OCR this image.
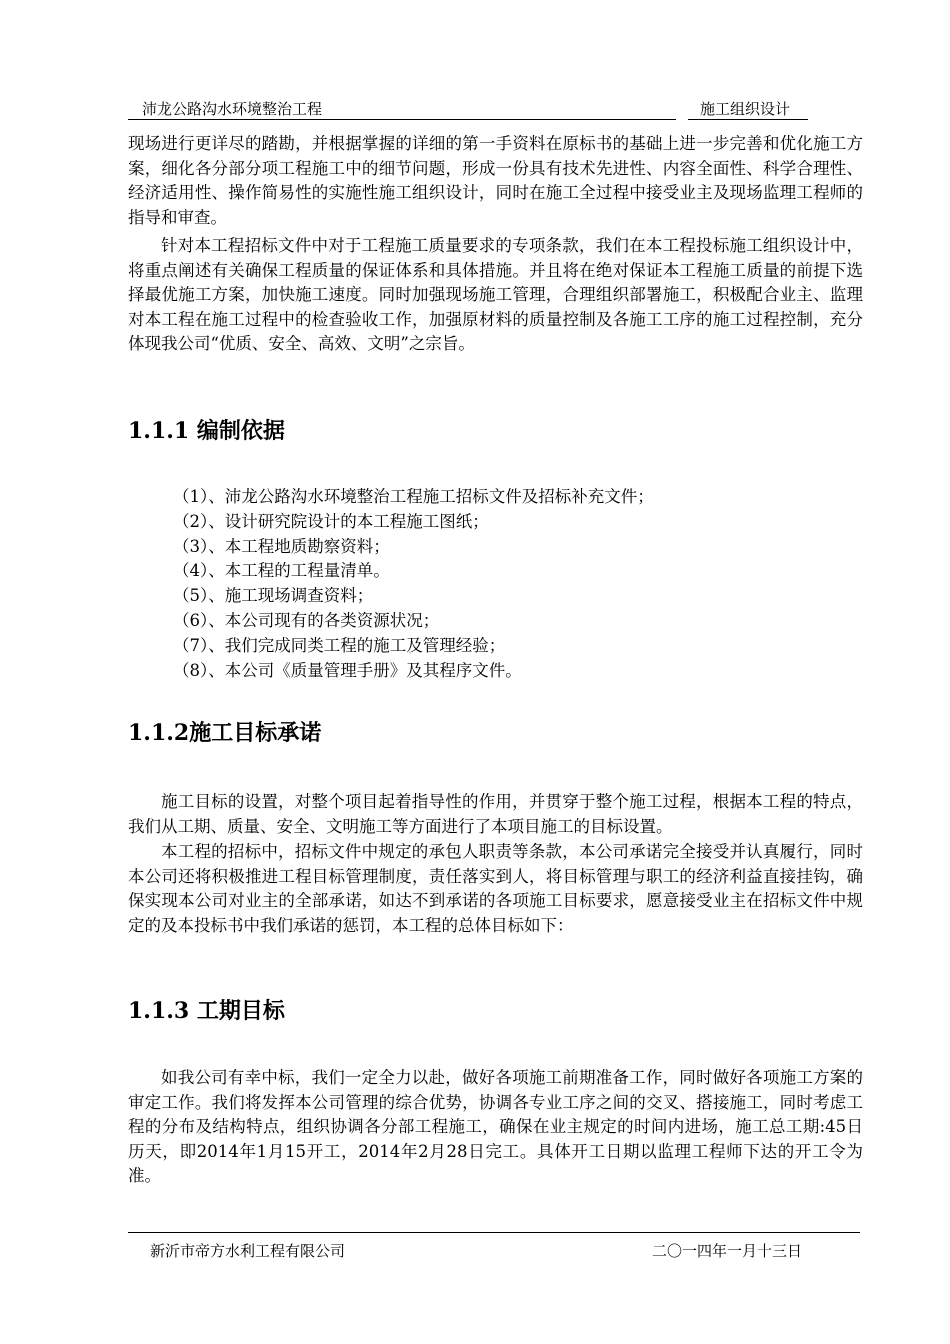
沛龙公路沟水环境整治工程	施工组织设计

现场进行更详尽的踏勘，并根据掌握的详细的第一手资料在原标书的基础上进一步完善和优化施工方案，细化各分部分项工程施工中的细节问题，形成一份具有技术先进性、内容全面性、科学合理性、经济适用性、操作简易性的实施性施工组织设计，同时在施工全过程中接受业主及现场监理工程师的指导和审查。

针对本工程招标文件中对于工程施工质量要求的专项条款，我们在本工程投标施工组织设计中，将重点阐述有关确保工程质量的保证体系和具体措施。并且将在绝对保证本工程施工质量的前提下选择最优施工方案，加快施工速度。同时加强现场施工管理，合理组织部署施工，积极配合业主、监理对本工程在施工过程中的检查验收工作，加强原材料的质量控制及各施工工序的施工过程控制，充分体现我公司“优质、安全、高效、文明”之宗旨。

1.1.1 编制依据
（1）、沛龙公路沟水环境整治工程施工招标文件及招标补充文件；
（2）、设计研究院设计的本工程施工图纸；
（3）、本工程地质勘察资料；
（4）、本工程的工程量清单。
（5）、施工现场调查资料；
（6）、本公司现有的各类资源状况；
（7）、我们完成同类工程的施工及管理经验；
（8）、本公司《质量管理手册》及其程序文件。
1.1.2施工目标承诺

施工目标的设置，对整个项目起着指导性的作用，并贯穿于整个施工过程，根据本工程的特点，我们从工期、质量、安全、文明施工等方面进行了本项目施工的目标设置。

本工程的招标中，招标文件中规定的承包人职责等条款，本公司承诺完全接受并认真履行，同时本公司还将积极推进工程目标管理制度，责任落实到人，将目标管理与职工的经济利益直接挂钩，确保实现本公司对业主的全部承诺，如达不到承诺的各项施工目标要求，愿意接受业主在招标文件中规定的及本投标书中我们承诺的惩罚，本工程的总体目标如下：

1.1.3 工期目标

如我公司有幸中标，我们一定全力以赴，做好各项施工前期准备工作，同时做好各项施工方案的审定工作。我们将发挥本公司管理的综合优势，协调各专业工序之间的交叉、搭接施工，同时考虑工程的分布及结构特点，组织协调各分部工程施工，确保在业主规定的时间内进场，施工总工期:45日历天，即2014年1月15开工，2014年2月28日完工。具体开工日期以监理工程师下达的开工令为准。

新沂市帝方水利工程有限公司	二〇一四年一月十三日
